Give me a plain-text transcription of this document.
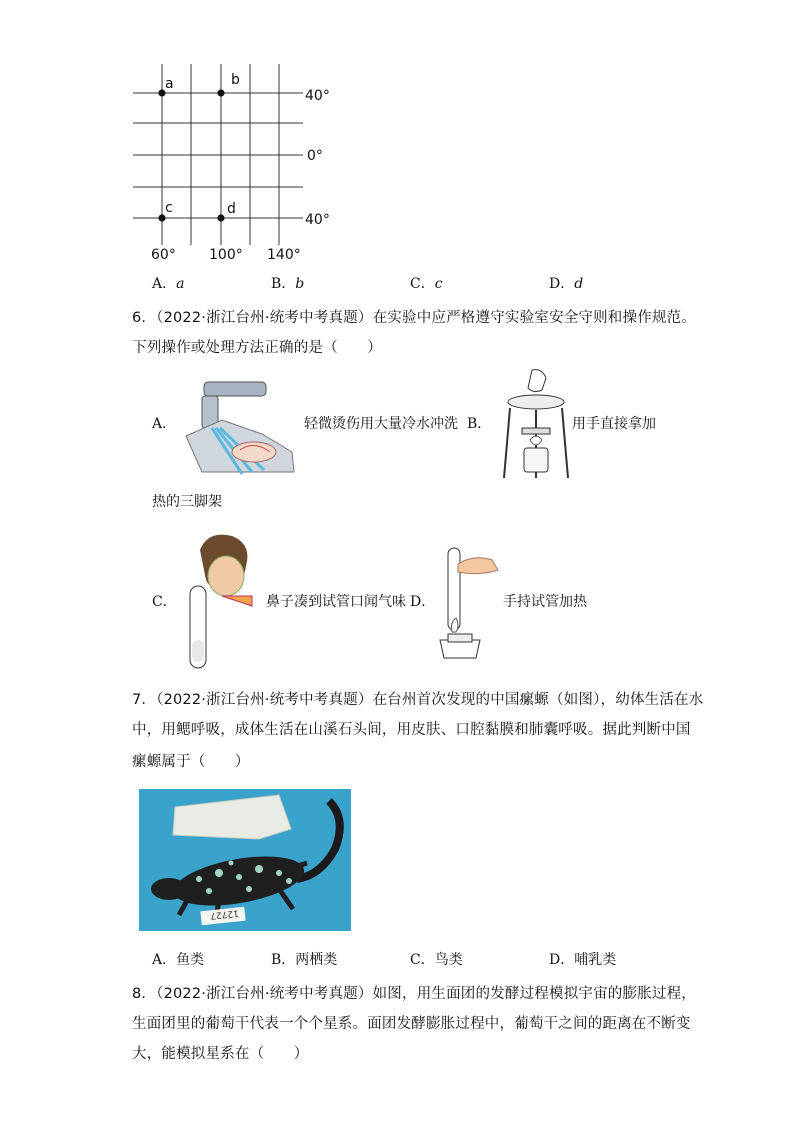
a	b
c	d
40°
0°
40°
60° 100° 140°
A．a	B．b	C．c	D．d
6．（2022·浙江台州·统考中考真题）在实验中应严格遵守实验室安全守则和操作规范。
下列操作或处理方法正确的是（　　）
A．	轻微烫伤用大量冷水冲洗 B．	用手直接拿加
热的三脚架
C．	鼻子凑到试管口闻气味 D．	手持试管加热
7．（2022·浙江台州·统考中考真题）在台州首次发现的中国瘰螈（如图），幼体生活在水
中，用鳃呼吸，成体生活在山溪石头间，用皮肤、口腔黏膜和肺囊呼吸。据此判断中国
瘰螈属于（　　）
12727
A．鱼类	B．两栖类	C．鸟类	D．哺乳类
8．（2022·浙江台州·统考中考真题）如图，用生面团的发酵过程模拟宇宙的膨胀过程，
生面团里的葡萄干代表一个个星系。面团发酵膨胀过程中，葡萄干之间的距离在不断变
大，能模拟星系在（　　）
